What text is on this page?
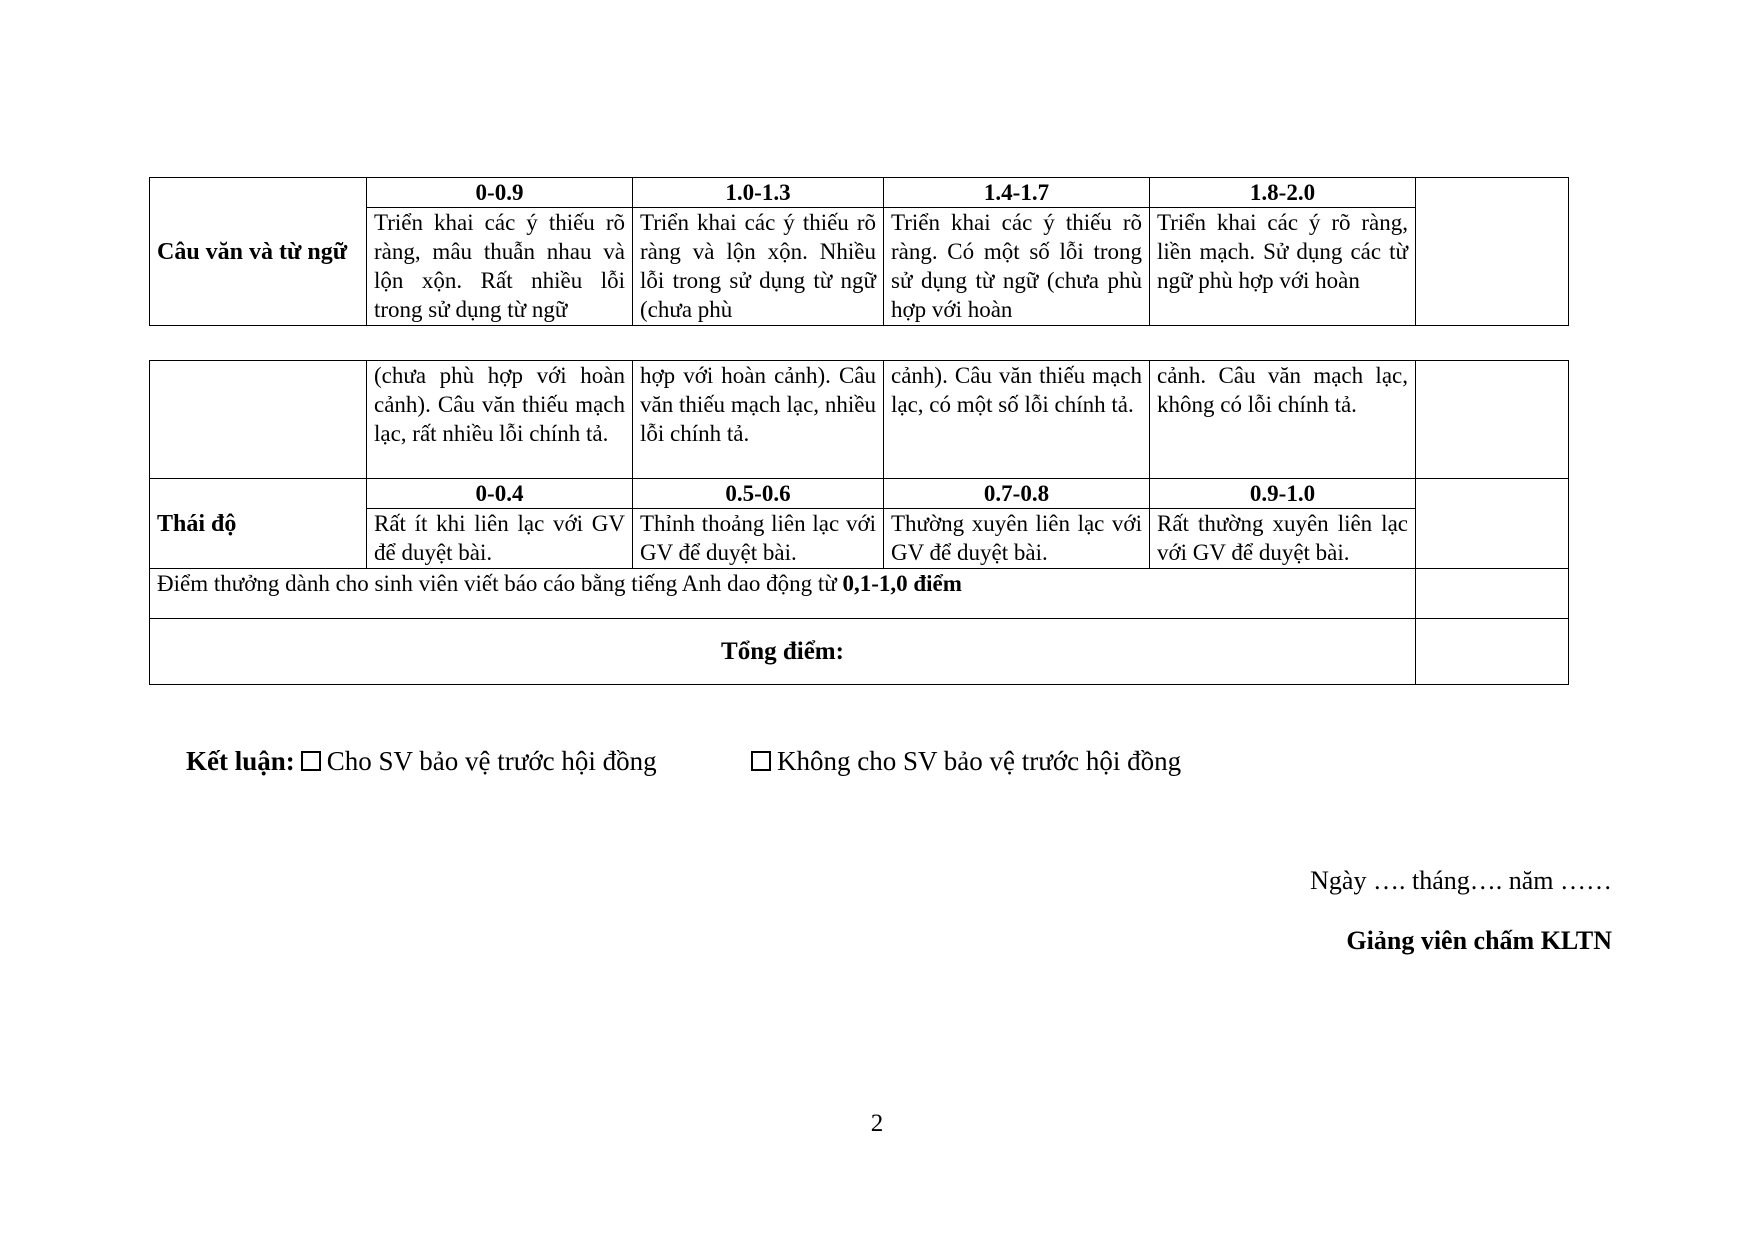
Câu văn và từ ngữ	0-0.9	1.0-1.3	1.4-1.7	1.8-2.0	
	Triển khai các ý thiếu rõ ràng, mâu thuẫn nhau và lộn xộn. Rất nhiều lỗi trong sử dụng từ ngữ	Triển khai các ý thiếu rõ ràng và lộn xộn. Nhiều lỗi trong sử dụng từ ngữ (chưa phù	Triển khai các ý thiếu rõ ràng. Có một số lỗi trong sử dụng từ ngữ (chưa phù hợp với hoàn	Triển khai các ý rõ ràng, liền mạch. Sử dụng các từ ngữ phù hợp với hoàn	
	(chưa phù hợp với hoàn cảnh). Câu văn thiếu mạch lạc, rất nhiều lỗi chính tả.	hợp với hoàn cảnh). Câu văn thiếu mạch lạc, nhiều lỗi chính tả.	cảnh). Câu văn thiếu mạch lạc, có một số lỗi chính tả.	cảnh. Câu văn mạch lạc, không có lỗi chính tả.	
Thái độ	0-0.4	0.5-0.6	0.7-0.8	0.9-1.0	
	Rất ít khi liên lạc với GV để duyệt bài.	Thỉnh thoảng liên lạc với GV để duyệt bài.	Thường xuyên liên lạc với GV để duyệt bài.	Rất thường xuyên liên lạc với GV để duyệt bài.	
Điểm thưởng dành cho sinh viên viết báo cáo bằng tiếng Anh dao động từ 0,1-1,0 điểm					
Tổng điểm:					
Kết luận: Cho SV bảo vệ trước hội đồng	Không cho SV bảo vệ trước hội đồng
Ngày …. tháng…. năm ……
Giảng viên chấm KLTN
2
